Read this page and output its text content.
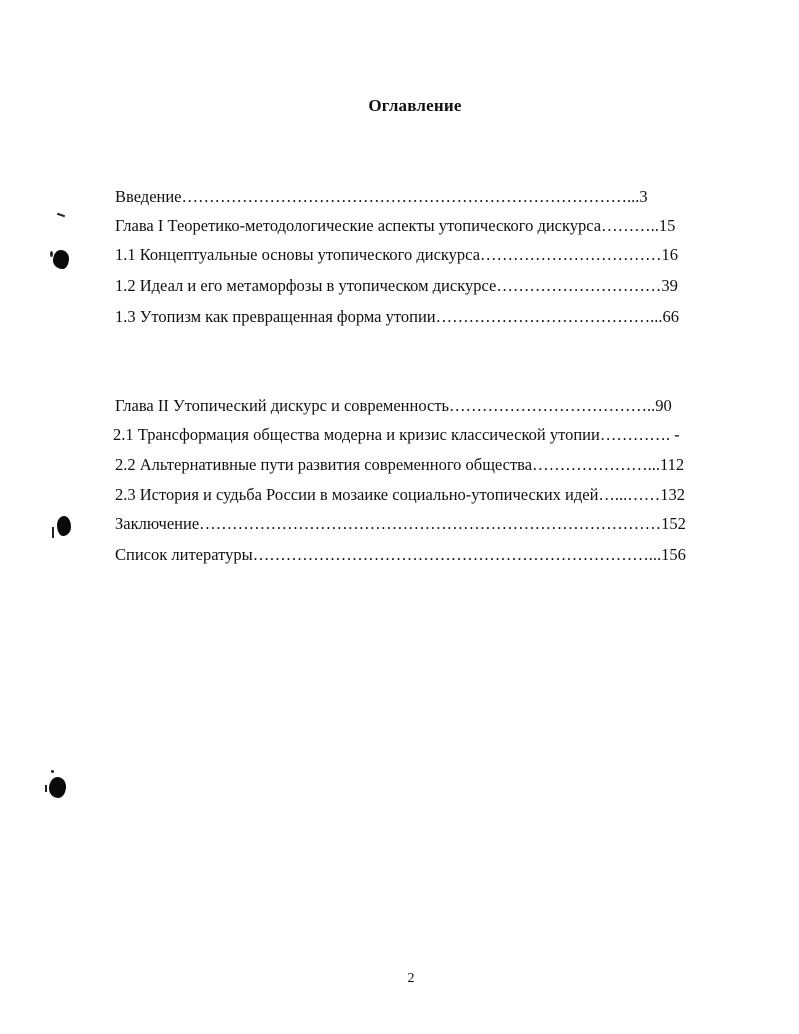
Оглавление
Введение………………………………………………………………………...3
Глава I Теоретико-методологические аспекты утопического дискурса………..15
1.1 Концептуальные основы утопического дискурса……………………………16
1.2 Идеал и его метаморфозы в утопическом дискурсе…………………………39
1.3 Утопизм как превращенная форма утопии…………………………………...66
Глава II Утопический дискурс и современность………………………………..90
2.1 Трансформация общества модерна и кризис классической утопии…………. -
2.2 Альтернативные пути развития современного общества…………………...112
2.3 История и судьба России в мозаике социально-утопических идей…...……132
Заключение…………………………………………………………………………152
Список литературы………………………………………………………………...156
2
